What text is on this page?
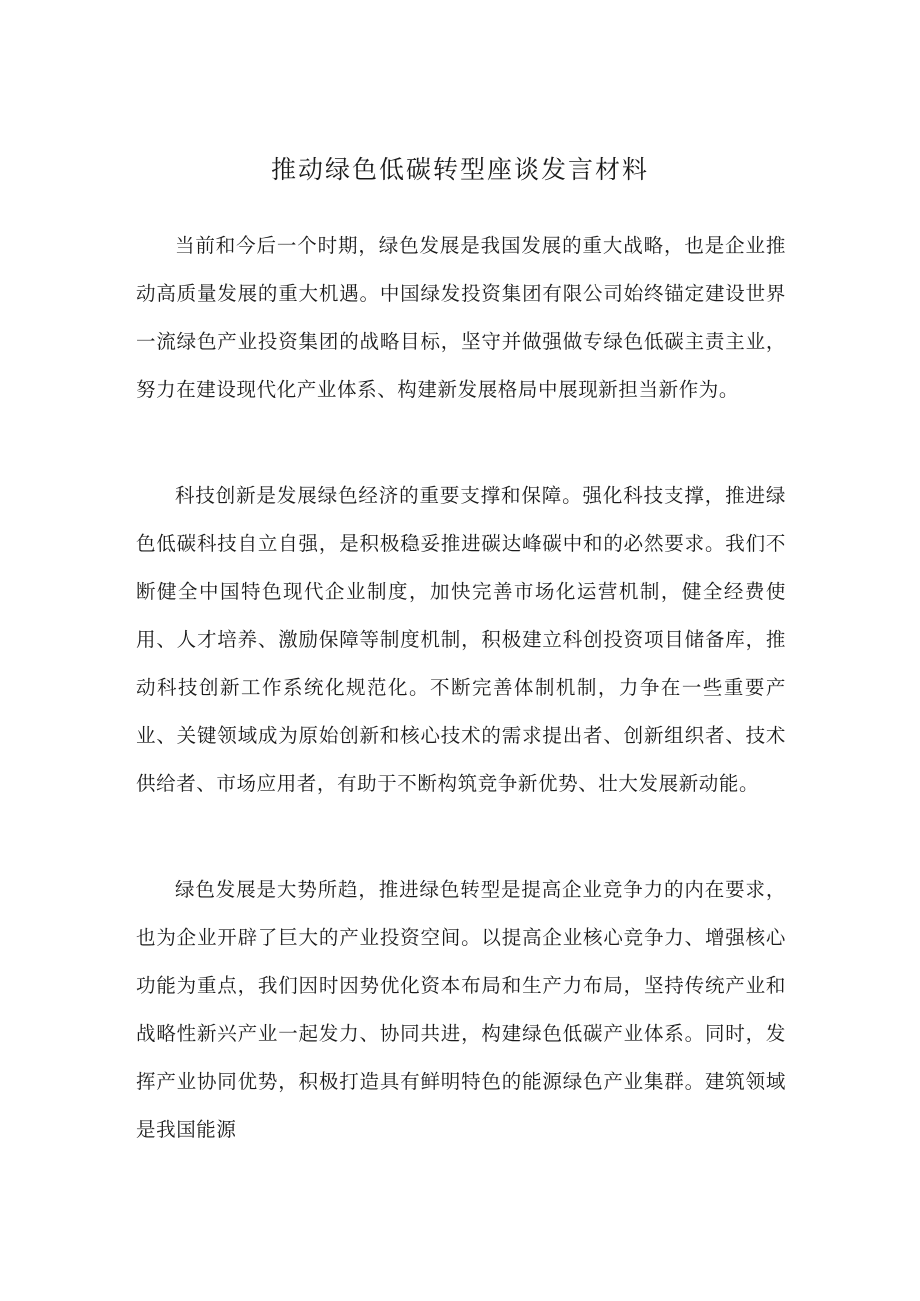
推动绿色低碳转型座谈发言材料

当前和今后一个时期，绿色发展是我国发展的重大战略，也是企业推动高质量发展的重大机遇。中国绿发投资集团有限公司始终锚定建设世界一流绿色产业投资集团的战略目标，坚守并做强做专绿色低碳主责主业，努力在建设现代化产业体系、构建新发展格局中展现新担当新作为。

科技创新是发展绿色经济的重要支撑和保障。强化科技支撑，推进绿色低碳科技自立自强，是积极稳妥推进碳达峰碳中和的必然要求。我们不断健全中国特色现代企业制度，加快完善市场化运营机制，健全经费使用、人才培养、激励保障等制度机制，积极建立科创投资项目储备库，推动科技创新工作系统化规范化。不断完善体制机制，力争在一些重要产业、关键领域成为原始创新和核心技术的需求提出者、创新组织者、技术供给者、市场应用者，有助于不断构筑竞争新优势、壮大发展新动能。

绿色发展是大势所趋，推进绿色转型是提高企业竞争力的内在要求，也为企业开辟了巨大的产业投资空间。以提高企业核心竞争力、增强核心功能为重点，我们因时因势优化资本布局和生产力布局，坚持传统产业和战略性新兴产业一起发力、协同共进，构建绿色低碳产业体系。同时，发挥产业协同优势，积极打造具有鲜明特色的能源绿色产业集群。建筑领域是我国能源
